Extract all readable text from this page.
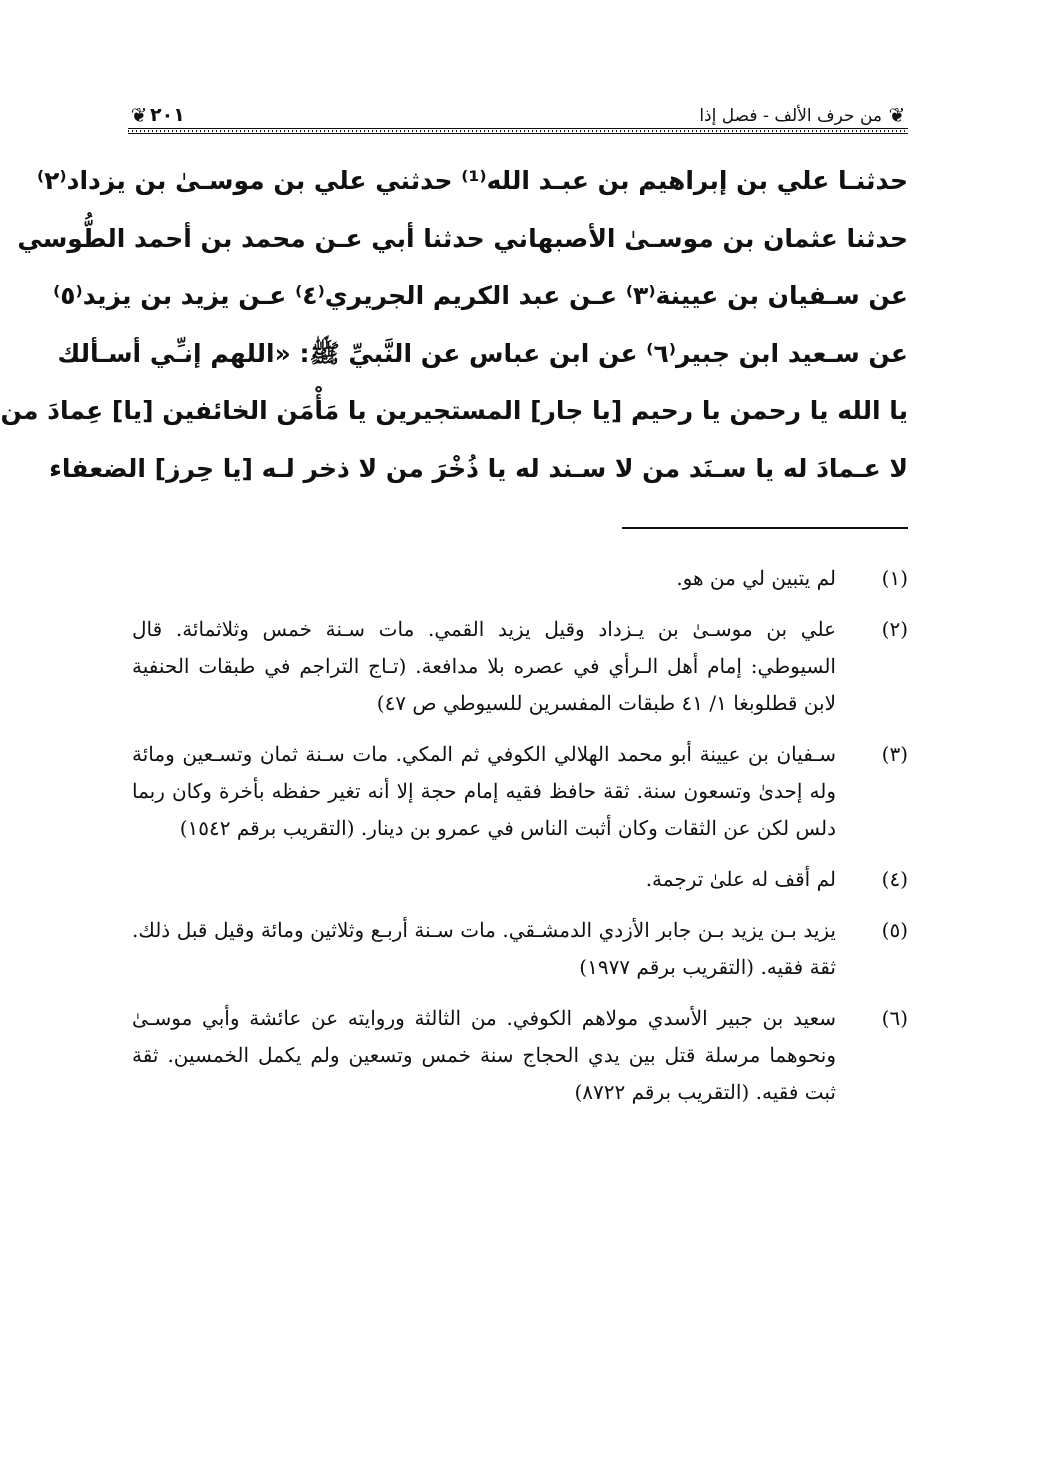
❦
من حرف الألف - فصل إذا
٢٠١
❦

حدثنـا علي بن إبراهيم بن عبـد الله⁽¹⁾ حدثني علي بن موسـىٰ بن يزداد⁽٢⁾

حدثنا عثمان بن موسـىٰ الأصبهاني حدثنا أبي عـن محمد بن أحمد الطُّوسي

عن سـفيان بن عيينة⁽٣⁾ عـن عبد الكريم الجريري⁽٤⁾ عـن يزيد بن يزيد⁽٥⁾

عن سـعيد ابن جبير⁽٦⁾ عن ابن عباس عن النَّبيِّ ﷺ: «اللهم إنـِّي أسـألك

يا الله يا رحمن يا رحيم [يا جار] المستجيرين يا مَأْمَن الخائفين [يا] عِمادَ من

لا عـمادَ له يا سـنَد من لا سـند له يا ذُخْرَ من لا ذخر لـه [يا حِرز] الضعفاء

(١)
لم يتبين لي من هو.
(٢)
علي بن موسـىٰ بن يـزداد وقيل يزيد القمي. مات سـنة خمس وثلاثمائة. قال السيوطي: إمام أهل الـرأي في عصره بلا مدافعة. (تـاج التراجم في طبقات الحنفية لابن قطلوبغا ١/ ٤١ طبقات المفسرين للسيوطي ص ٤٧)
(٣)
سـفيان بن عيينة أبو محمد الهلالي الكوفي ثم المكي. مات سـنة ثمان وتسـعين ومائة وله إحدىٰ وتسعون سنة. ثقة حافظ فقيه إمام حجة إلا أنه تغير حفظه بأخرة وكان ربما دلس لكن عن الثقات وكان أثبت الناس في عمرو بن دينار. (التقريب برقم ١٥٤٢)
(٤)
لم أقف له علىٰ ترجمة.
(٥)
يزيد بـن يزيد بـن جابر الأزدي الدمشـقي. مات سـنة أربـع وثلاثين ومائة وقيل قبل ذلك. ثقة فقيه. (التقريب برقم ١٩٧٧)
(٦)
سعيد بن جبير الأسدي مولاهم الكوفي. من الثالثة وروايته عن عائشة وأبي موسـىٰ ونحوهما مرسلة قتل بين يدي الحجاج سنة خمس وتسعين ولم يكمل الخمسين. ثقة ثبت فقيه. (التقريب برقم ٨٧٢٢)
